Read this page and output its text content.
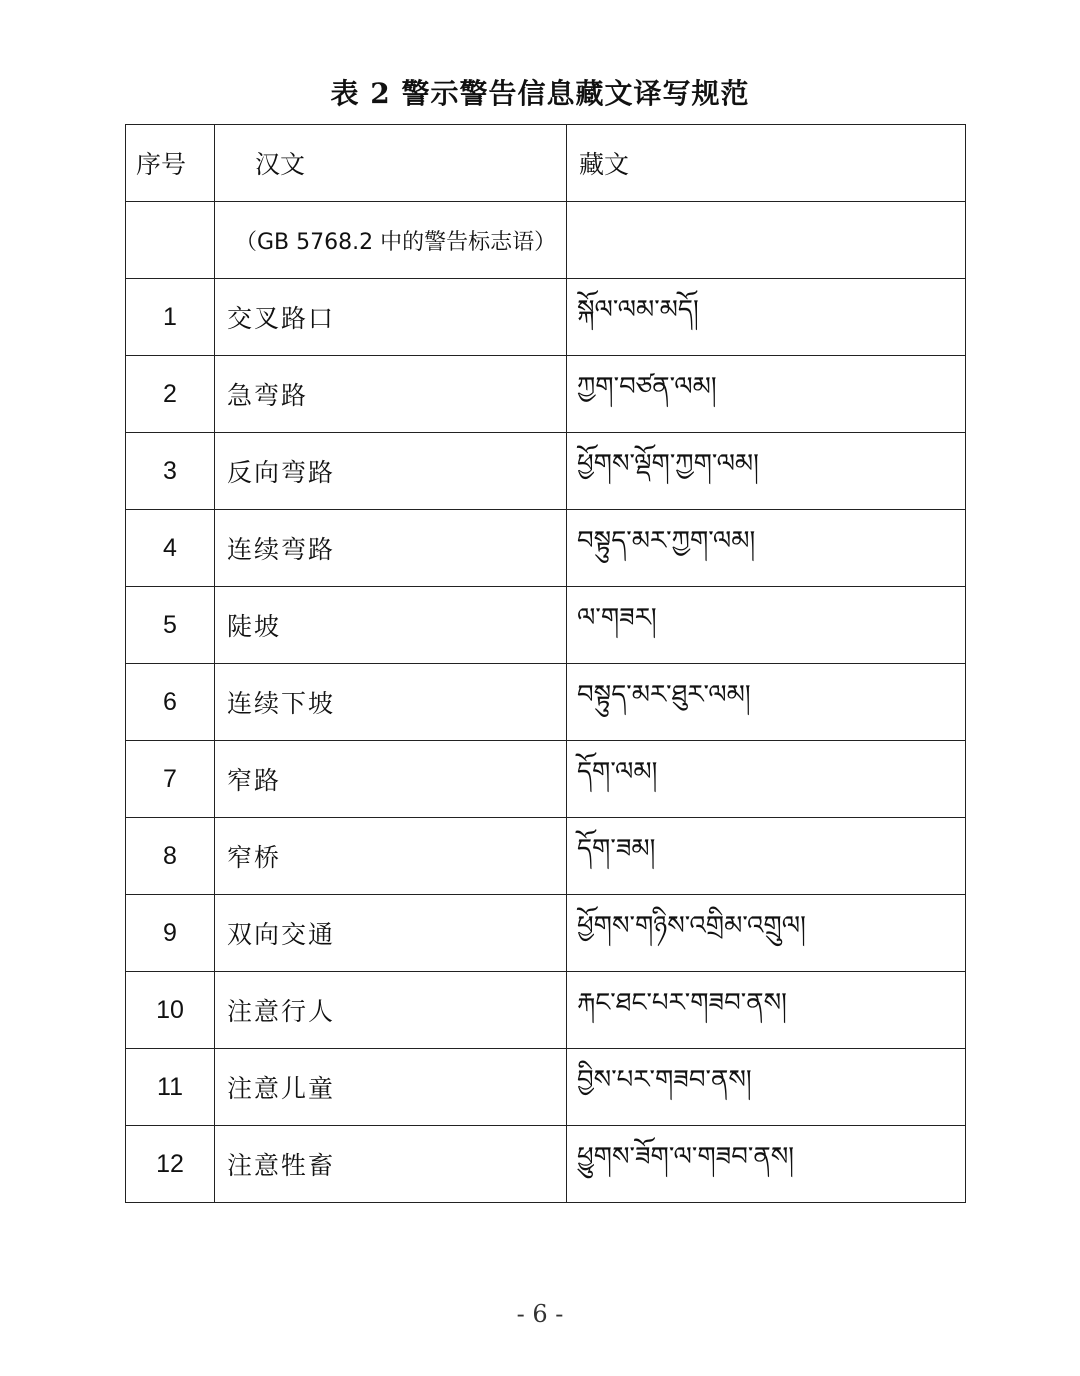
表 2 警示警告信息藏文译写规范
序号	汉文	藏文
	（GB 5768.2 中的警告标志语）	
1	交叉路口	སྐོལ་ལམ་མདོ།
2	急弯路	ཀྱག་བཙན་ལམ།
3	反向弯路	ཕྱོགས་ལྡོག་ཀྱག་ལམ།
4	连续弯路	བསྟུད་མར་ཀྱག་ལམ།
5	陡坡	ལ་གཟར།
6	连续下坡	བསྟུད་མར་ཐུར་ལམ།
7	窄路	དོག་ལམ།
8	窄桥	དོག་ཟམ།
9	双向交通	ཕྱོགས་གཉིས་འགྲིམ་འགྲུལ།
10	注意行人	རྐང་ཐང་པར་གཟབ་ནས།
11	注意儿童	བྱིས་པར་གཟབ་ནས།
12	注意牲畜	ཕྱུགས་ཟོག་ལ་གཟབ་ནས།
- 6 -
